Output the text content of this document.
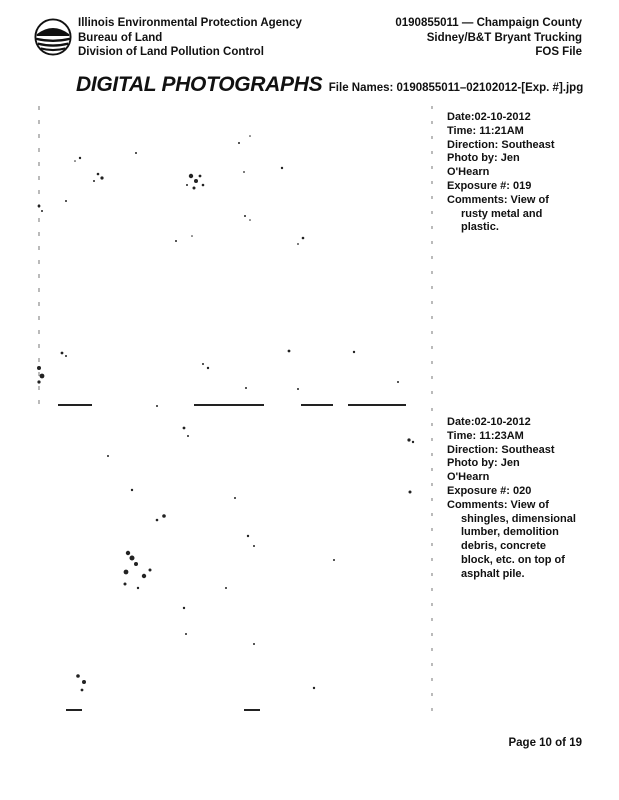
Illinois Environmental Protection Agency
Bureau of Land
Division of Land Pollution Control
0190855011 — Champaign County
Sidney/B&T Bryant Trucking
FOS File
DIGITAL PHOTOGRAPHS File Names: 0190855011–02102012-[Exp. #].jpg
Date:02-10-2012
Time: 11:21AM
Direction: Southeast
Photo by: Jen
O'Hearn
Exposure #: 019
Comments: View of
rusty metal and plastic.
Date:02-10-2012
Time: 11:23AM
Direction: Southeast
Photo by: Jen
O'Hearn
Exposure #: 020
Comments: View of
shingles, dimensional lumber, demolition debris, concrete block, etc. on top of asphalt pile.
Page 10 of 19
